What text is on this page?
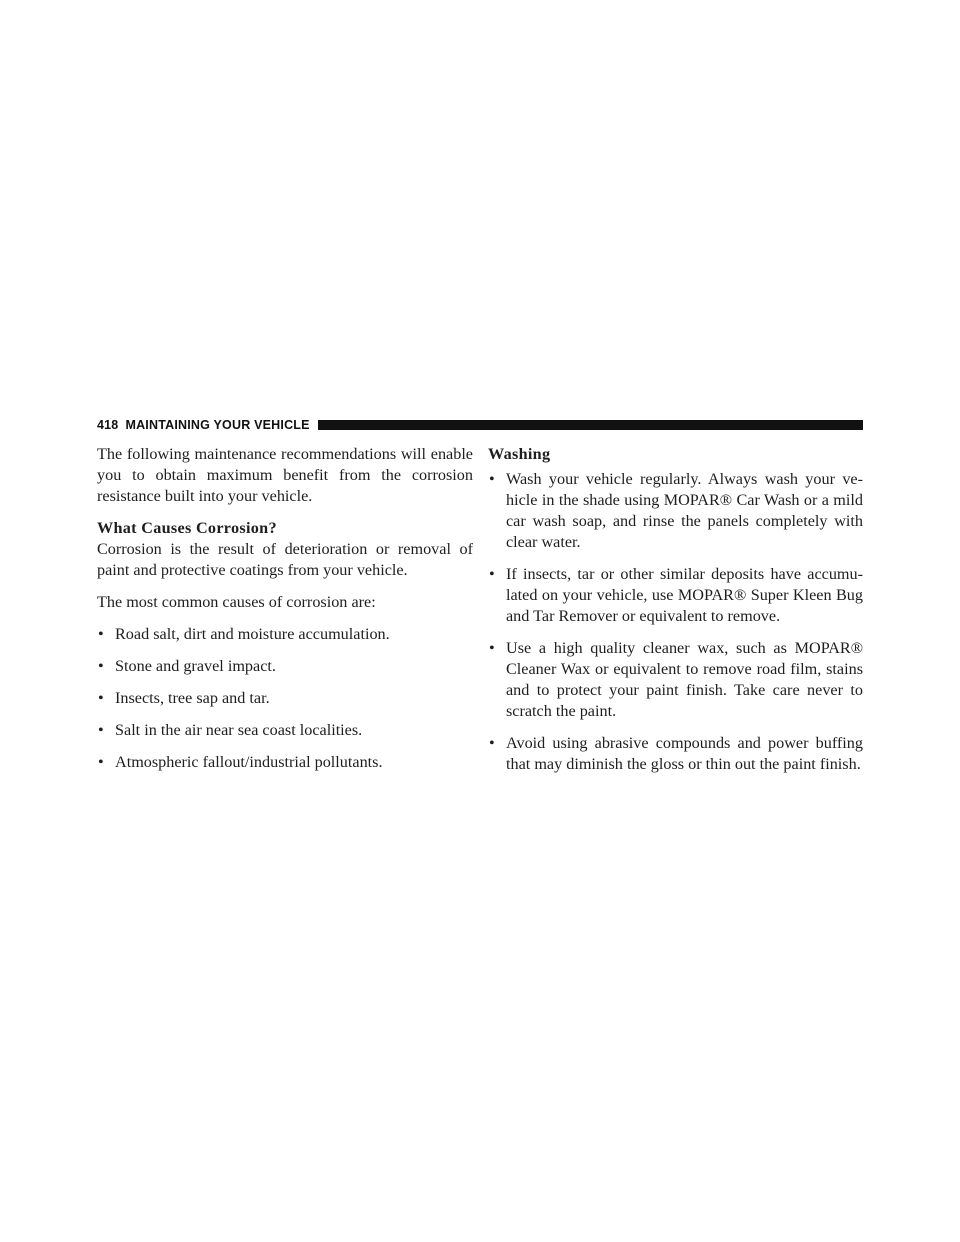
418 MAINTAINING YOUR VEHICLE

The following maintenance recommendations will enable you to obtain maximum benefit from the corrosion resistance built into your vehicle.

What Causes Corrosion?

Corrosion is the result of deterioration or removal of paint and protective coatings from your vehicle.

The most common causes of corrosion are:

• Road salt, dirt and moisture accumulation.
• Stone and gravel impact.
• Insects, tree sap and tar.
• Salt in the air near sea coast localities.
• Atmospheric fallout/industrial pollutants.
Washing
• Wash your vehicle regularly. Always wash your ve-hicle in the shade using MOPAR® Car Wash or a mild car wash soap, and rinse the panels completely with clear water.
• If insects, tar or other similar deposits have accumu-lated on your vehicle, use MOPAR® Super Kleen Bug and Tar Remover or equivalent to remove.
• Use a high quality cleaner wax, such as MOPAR® Cleaner Wax or equivalent to remove road film, stains and to protect your paint finish. Take care never to scratch the paint.
• Avoid using abrasive compounds and power buffing that may diminish the gloss or thin out the paint finish.
